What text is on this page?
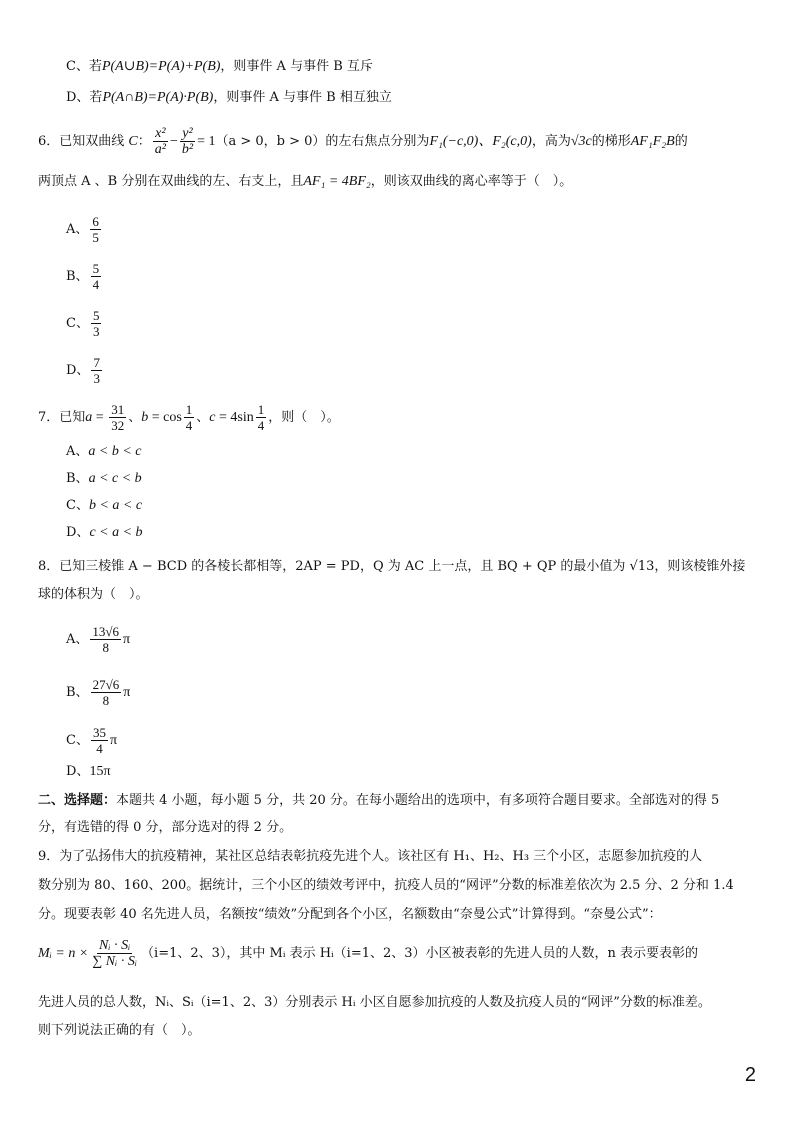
C、若P(A∪B)=P(A)+P(B)，则事件 A 与事件 B 互斥
D、若P(A∩B)=P(A)·P(B)，则事件 A 与事件 B 相互独立
6．已知双曲线 C： $\frac{\text{x²}}{\text{a²}} - \frac{\text{y²}}{\text{b²}} = 1(a > 0$，b > 0）的左右焦点分别为F₁(−c,0)、F₂(c,0)，高为√3c的梯形AF₁F₂B的
两顶点 A 、B 分别在双曲线的左、右支上，且AF₁ = 4BF₂，则该双曲线的离心率等于（　）。
A、 $\frac{6}{5}$
B、 $\frac{5}{4}$
C、 $\frac{5}{3}$
D、 $\frac{7}{3}$
7．已知$a = \frac{31}{32}$ 、$b = \cos \frac{1}{4}$ 、$c = 4\sin \frac{1}{4}$ ，则（　）。
A、a < b < c
B、a < c < b
C、b < a < c
D、c < a < b
8．已知三棱锥 A − BCD 的各棱长都相等，2AP = PD，Q 为 AC 上一点，且 BQ + QP 的最小值为 √13，则该棱锥外接
球的体积为（　）。
A、 $\frac{13√6}{8}$ π
B、 $\frac{27√6}{8}$ π
C、 $\frac{35}{4}$ π
D、15π
二、选择题：本题共 4 小题，每小题 5 分，共 20 分。在每小题给出的选项中，有多项符合题目要求。全部选对的得 5
分，有选错的得 0 分，部分选对的得 2 分。
9．为了弘扬伟大的抗疫精神，某社区总结表彰抗疫先进个人。该社区有 H₁、H₂、H₃ 三个小区，志愿参加抗疫的人
数分别为 80、160、200。据统计，三个小区的绩效考评中，抗疫人员的“网评”分数的标准差依次为 2.5 分、2 分和 1.4
分。现要表彰 40 名先进人员，名额按“绩效”分配到各个小区，名额数由“奈曼公式”计算得到。“奈曼公式”：
Mᵢ = $n \times \frac{\text{Nᵢ · Sᵢ}}{\text{∑ Nᵢ · Sᵢ}} (i=1$、2、3），其中 Mᵢ 表示 Hᵢ（i=1、2、3）小区被表彰的先进人员的人数，n 表示要表彰的
先进人员的总人数，Nᵢ、Sᵢ（i=1、2、3）分别表示 Hᵢ 小区自愿参加抗疫的人数及抗疫人员的“网评”分数的标准差。
则下列说法正确的有（　）。
2
